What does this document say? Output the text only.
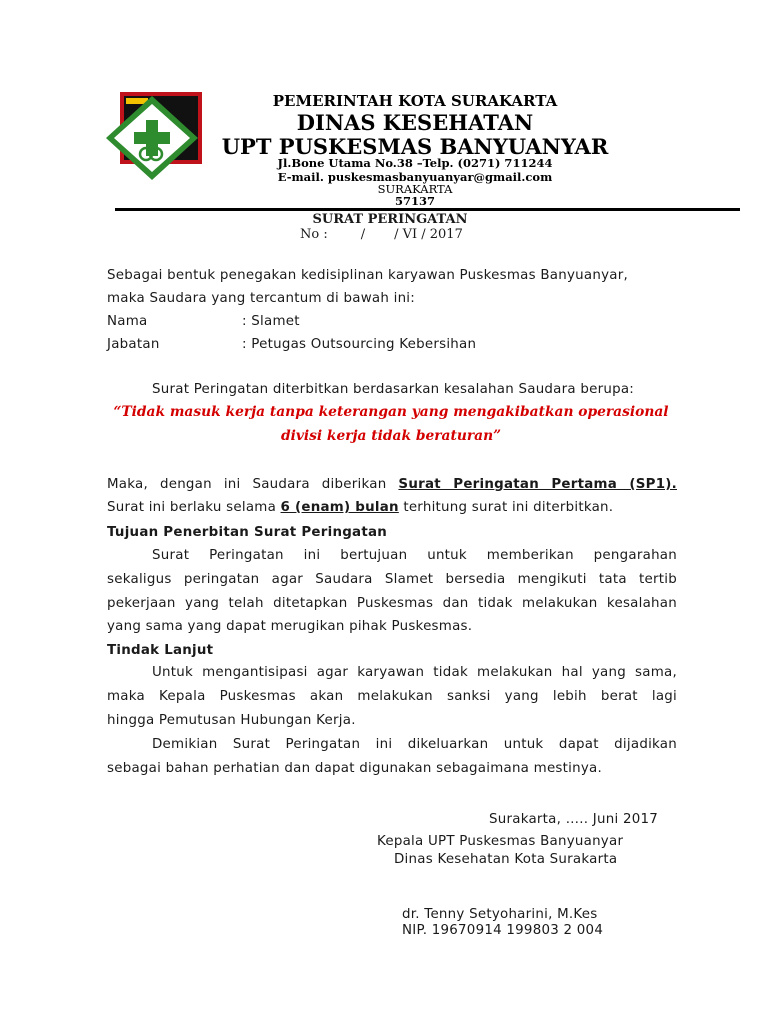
PEMERINTAH KOTA SURAKARTA
DINAS KESEHATAN
UPT PUSKESMAS BANYUANYAR
Jl.Bone Utama No.38 –Telp. (0271) 711244
E-mail. puskesmasbanyuanyar@gmail.com
SURAKARTA
57137
SURAT PERINGATAN
No :        /       / VI / 2017
Sebagai bentuk penegakan kedisiplinan karyawan Puskesmas Banyuanyar,
maka Saudara yang tercantum di bawah ini:
Nama	: Slamet
Jabatan	: Petugas Outsourcing Kebersihan
Surat Peringatan diterbitkan berdasarkan kesalahan Saudara berupa:
“Tidak masuk kerja tanpa keterangan yang mengakibatkan operasional
divisi kerja tidak beraturan”
Maka, dengan ini Saudara diberikan Surat Peringatan Pertama (SP1).
Surat ini berlaku selama 6 (enam) bulan terhitung surat ini diterbitkan.
Tujuan Penerbitan Surat Peringatan
Surat Peringatan ini bertujuan untuk memberikan pengarahan
sekaligus peringatan agar Saudara Slamet bersedia mengikuti tata tertib
pekerjaan yang telah ditetapkan Puskesmas dan tidak melakukan kesalahan
yang sama yang dapat merugikan pihak Puskesmas.
Tindak Lanjut
Untuk mengantisipasi agar karyawan tidak melakukan hal yang sama,
maka Kepala Puskesmas akan melakukan sanksi yang lebih berat lagi
hingga Pemutusan Hubungan Kerja.
Demikian Surat Peringatan ini dikeluarkan untuk dapat dijadikan
sebagai bahan perhatian dan dapat digunakan sebagaimana mestinya.
Surakarta, ….. Juni 2017
Kepala UPT Puskesmas Banyuanyar
Dinas Kesehatan Kota Surakarta
dr. Tenny Setyoharini, M.Kes
NIP. 19670914 199803 2 004
